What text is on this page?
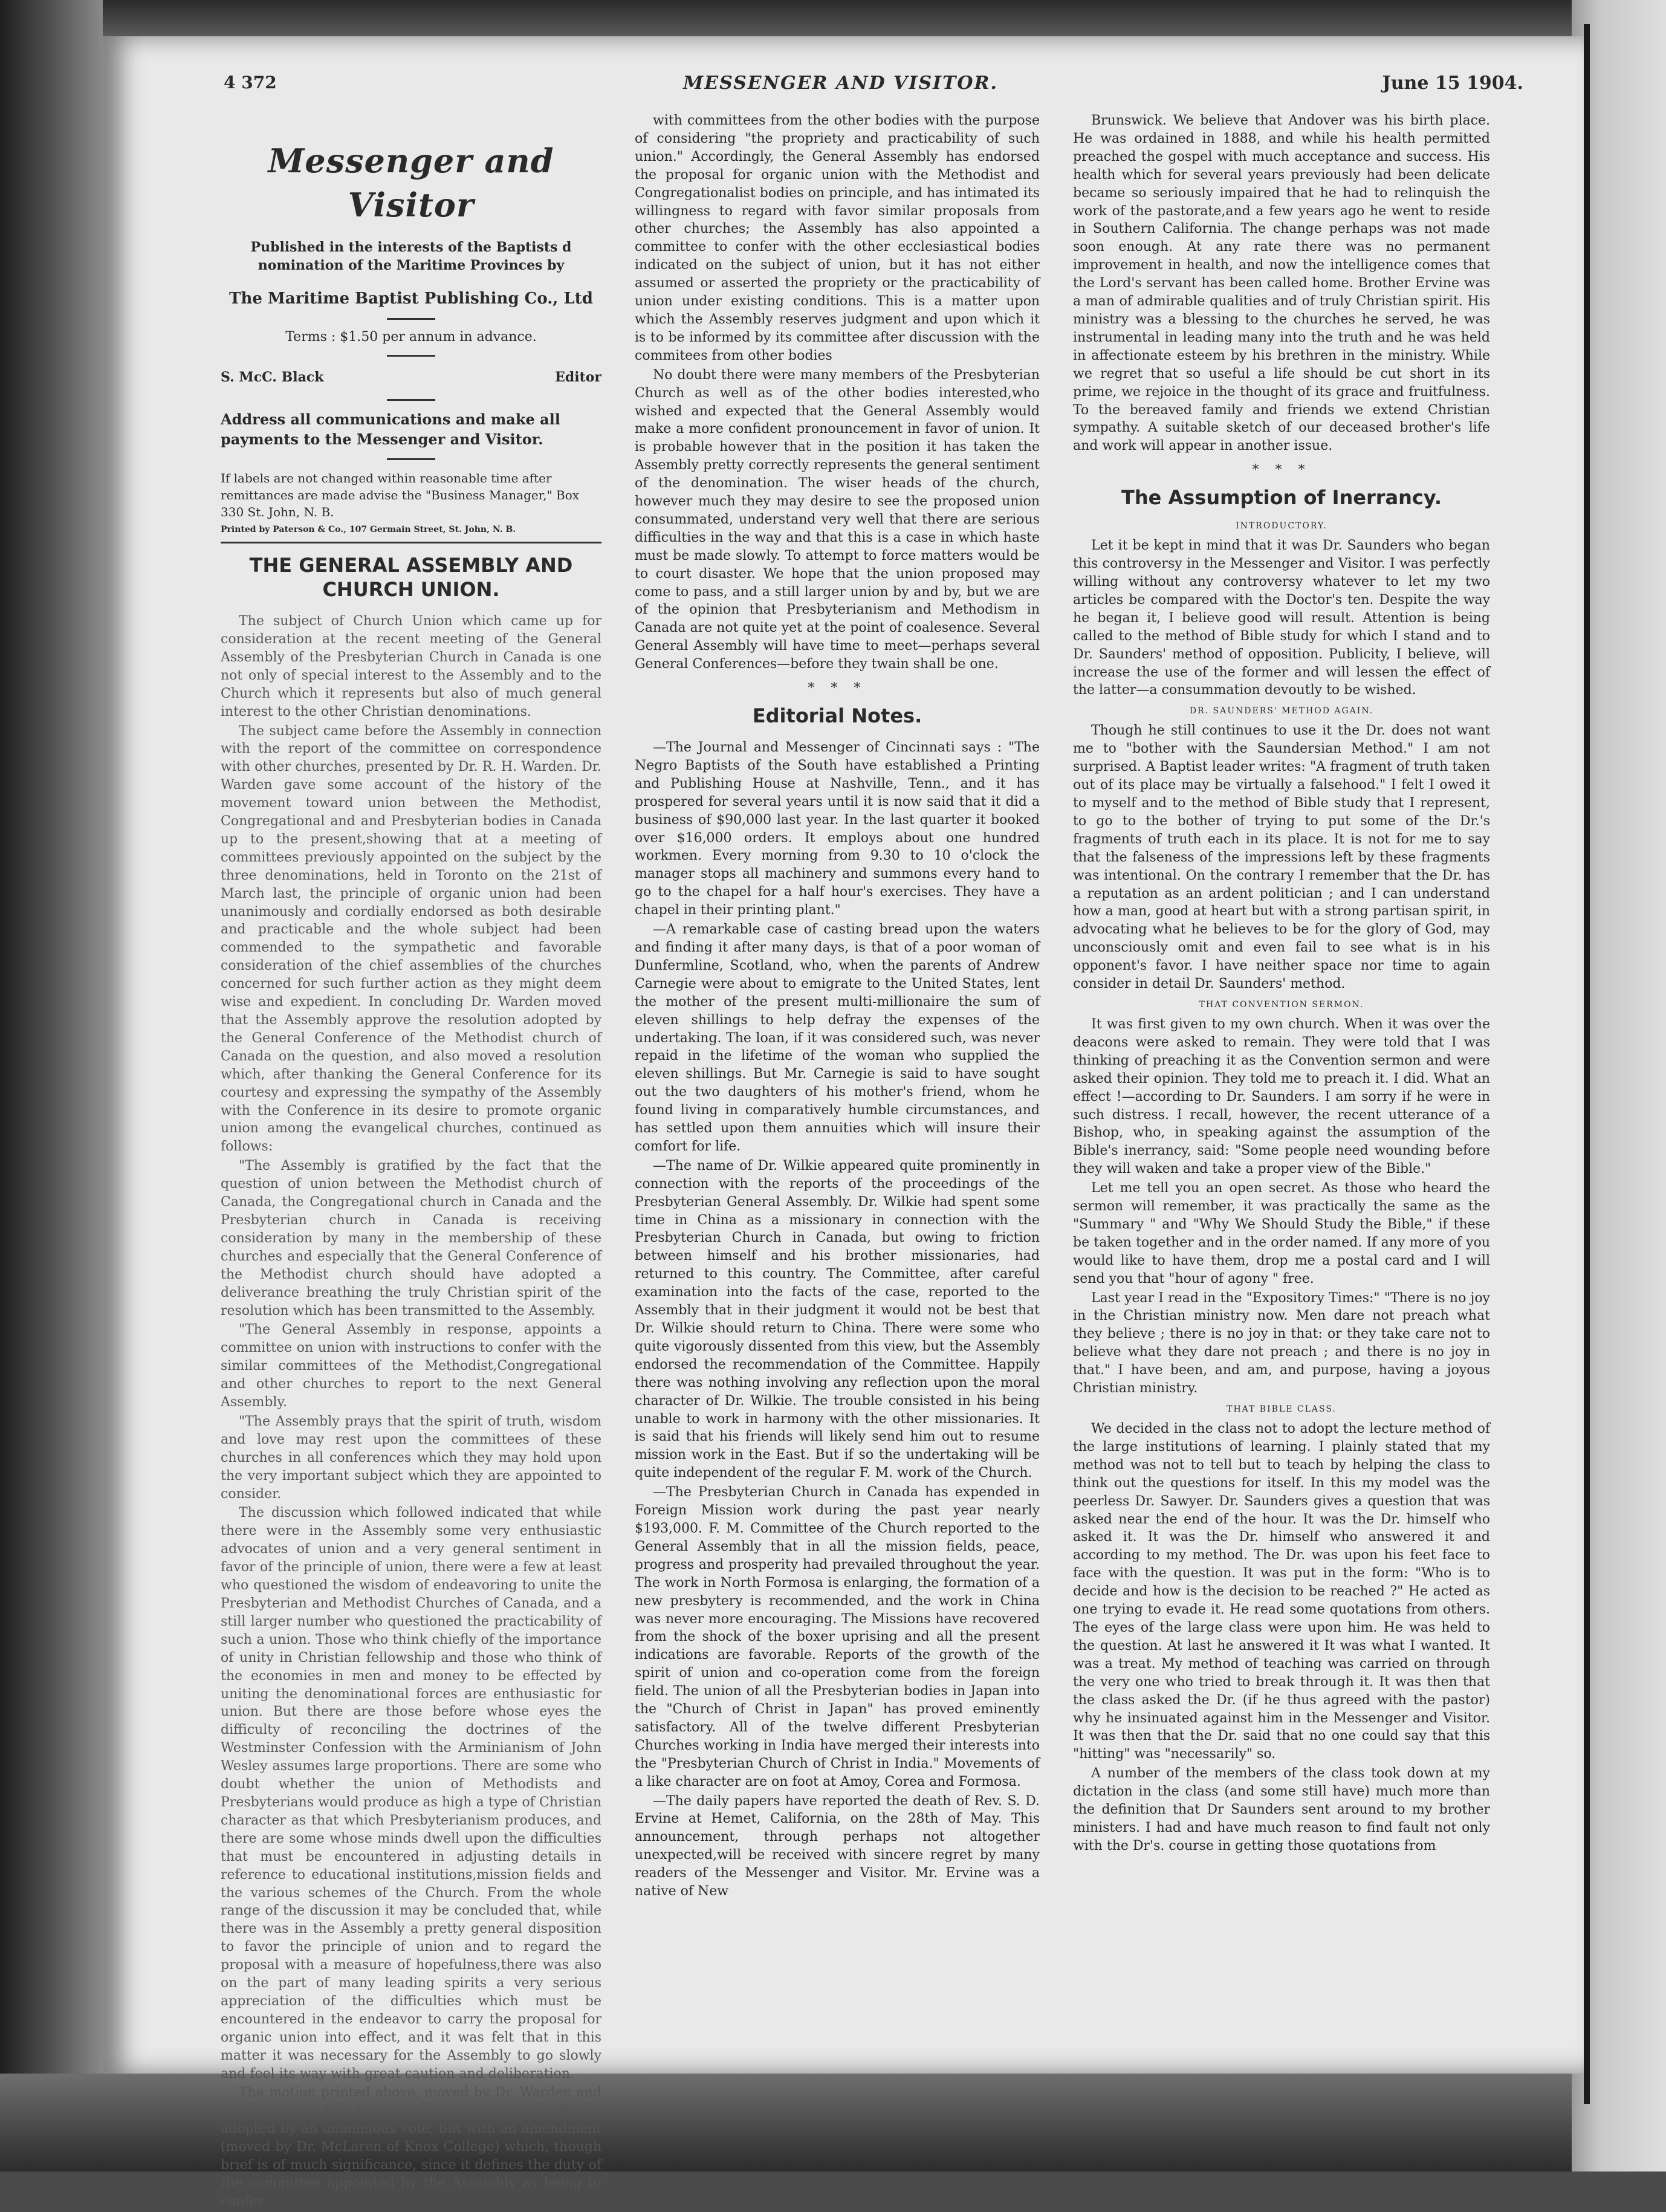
4 372	MESSENGER AND VISITOR.	June 15 1904.
Messenger and Visitor
Published in the interests of the Baptists d nomination of the Maritime Provinces by
The Maritime Baptist Publishing Co., Ltd
Terms : $1.50 per annum in advance.
S. McC. Black	Editor
Address all communications and make all payments to the Messenger and Visitor.
If labels are not changed within reasonable time after remittances are made advise the "Business Manager," Box 330 St. John, N. B.
Printed by Paterson & Co., 107 Germain Street, St. John, N. B.
THE GENERAL ASSEMBLY AND CHURCH UNION.

The subject of Church Union which came up for consideration at the recent meeting of the General Assembly of the Presbyterian Church in Canada is one not only of special interest to the Assembly and to the Church which it represents but also of much general interest to the other Christian denominations.

The subject came before the Assembly in connection with the report of the committee on correspondence with other churches, presented by Dr. R. H. Warden. Dr. Warden gave some account of the history of the movement toward union between the Methodist, Congregational and and Presbyterian bodies in Canada up to the present,showing that at a meeting of committees previously appointed on the subject by the three denominations, held in Toronto on the 21st of March last, the principle of organic union had been unanimously and cordially endorsed as both desirable and practicable and the whole subject had been commended to the sympathetic and favorable consideration of the chief assemblies of the churches concerned for such further action as they might deem wise and expedient. In concluding Dr. Warden moved that the Assembly approve the resolution adopted by the General Conference of the Methodist church of Canada on the question, and also moved a resolution which, after thanking the General Conference for its courtesy and expressing the sympathy of the Assembly with the Conference in its desire to promote organic union among the evangelical churches, continued as follows:

"The Assembly is gratified by the fact that the question of union between the Methodist church of Canada, the Congregational church in Canada and the Presbyterian church in Canada is receiving consideration by many in the membership of these churches and especially that the General Conference of the Methodist church should have adopted a deliverance breathing the truly Christian spirit of the resolution which has been transmitted to the Assembly.

"The General Assembly in response, appoints a committee on union with instructions to confer with the similar committees of the Methodist,Congregational and other churches to report to the next General Assembly.

"The Assembly prays that the spirit of truth, wisdom and love may rest upon the committees of these churches in all conferences which they may hold upon the very important subject which they are appointed to consider.

The discussion which followed indicated that while there were in the Assembly some very enthusiastic advocates of union and a very general sentiment in favor of the principle of union, there were a few at least who questioned the wisdom of endeavoring to unite the Presbyterian and Methodist Churches of Canada, and a still larger number who questioned the practicability of such a union. Those who think chiefly of the importance of unity in Christian fellowship and those who think of the economies in men and money to be effected by uniting the denominational forces are enthusiastic for union. But there are those before whose eyes the difficulty of reconciling the doctrines of the Westminster Confession with the Arminianism of John Wesley assumes large proportions. There are some who doubt whether the union of Methodists and Presbyterians would produce as high a type of Christian character as that which Presbyterianism produces, and there are some whose minds dwell upon the difficulties that must be encountered in adjusting details in reference to educational institutions,mission fields and the various schemes of the Church. From the whole range of the discussion it may be concluded that, while there was in the Assembly a pretty general disposition to favor the principle of union and to regard the proposal with a measure of hopefulness,there was also on the part of many leading spirits a very serious appreciation of the difficulties which must be encountered in the endeavor to carry the proposal for organic union into effect, and it was felt that in this matter it was necessary for the Assembly to go slowly and feel its way with great caution and deliberation.

The motion printed above, moved by Dr. Warden and seconded by Dr. Patrick of Winnipeg, was finally adopted by an unanimous vote, but with an amendment (moved by Dr. McLaren of Knox College) which, though brief is of much significance, since it defines the duty of the committee appointed by the Assembly as being to confer

with committees from the other bodies with the purpose of considering "the propriety and practicability of such union." Accordingly, the General Assembly has endorsed the proposal for organic union with the Methodist and Congregationalist bodies on principle, and has intimated its willingness to regard with favor similar proposals from other churches; the Assembly has also appointed a committee to confer with the other ecclesiastical bodies indicated on the subject of union, but it has not either assumed or asserted the propriety or the practicability of union under existing conditions. This is a matter upon which the Assembly reserves judgment and upon which it is to be informed by its committee after discussion with the commitees from other bodies

No doubt there were many members of the Presbyterian Church as well as of the other bodies interested,who wished and expected that the General Assembly would make a more confident pronouncement in favor of union. It is probable however that in the position it has taken the Assembly pretty correctly represents the general sentiment of the denomination. The wiser heads of the church, however much they may desire to see the proposed union consummated, understand very well that there are serious difficulties in the way and that this is a case in which haste must be made slowly. To attempt to force matters would be to court disaster. We hope that the union proposed may come to pass, and a still larger union by and by, but we are of the opinion that Presbyterianism and Methodism in Canada are not quite yet at the point of coalesence. Several General Assembly will have time to meet—perhaps several General Conferences—before they twain shall be one.

* * *
Editorial Notes.

—The Journal and Messenger of Cincinnati says : "The Negro Baptists of the South have established a Printing and Publishing House at Nashville, Tenn., and it has prospered for several years until it is now said that it did a business of $90,000 last year. In the last quarter it booked over $16,000 orders. It employs about one hundred workmen. Every morning from 9.30 to 10 o'clock the manager stops all machinery and summons every hand to go to the chapel for a half hour's exercises. They have a chapel in their printing plant."

—A remarkable case of casting bread upon the waters and finding it after many days, is that of a poor woman of Dunfermline, Scotland, who, when the parents of Andrew Carnegie were about to emigrate to the United States, lent the mother of the present multi-millionaire the sum of eleven shillings to help defray the expenses of the undertaking. The loan, if it was considered such, was never repaid in the lifetime of the woman who supplied the eleven shillings. But Mr. Carnegie is said to have sought out the two daughters of his mother's friend, whom he found living in comparatively humble circumstances, and has settled upon them annuities which will insure their comfort for life.

—The name of Dr. Wilkie appeared quite prominently in connection with the reports of the proceedings of the Presbyterian General Assembly. Dr. Wilkie had spent some time in China as a missionary in connection with the Presbyterian Church in Canada, but owing to friction between himself and his brother missionaries, had returned to this country. The Committee, after careful examination into the facts of the case, reported to the Assembly that in their judgment it would not be best that Dr. Wilkie should return to China. There were some who quite vigorously dissented from this view, but the Assembly endorsed the recommendation of the Committee. Happily there was nothing involving any reflection upon the moral character of Dr. Wilkie. The trouble consisted in his being unable to work in harmony with the other missionaries. It is said that his friends will likely send him out to resume mission work in the East. But if so the undertaking will be quite independent of the regular F. M. work of the Church.

—The Presbyterian Church in Canada has expended in Foreign Mission work during the past year nearly $193,000. F. M. Committee of the Church reported to the General Assembly that in all the mission fields, peace, progress and prosperity had prevailed throughout the year. The work in North Formosa is enlarging, the formation of a new presbytery is recommended, and the work in China was never more encouraging. The Missions have recovered from the shock of the boxer uprising and all the present indications are favorable. Reports of the growth of the spirit of union and co-operation come from the foreign field. The union of all the Presbyterian bodies in Japan into the "Church of Christ in Japan" has proved eminently satisfactory. All of the twelve different Presbyterian Churches working in India have merged their interests into the "Presbyterian Church of Christ in India." Movements of a like character are on foot at Amoy, Corea and Formosa.

—The daily papers have reported the death of Rev. S. D. Ervine at Hemet, California, on the 28th of May. This announcement, through perhaps not altogether unexpected,will be received with sincere regret by many readers of the Messenger and Visitor. Mr. Ervine was a native of New

Brunswick. We believe that Andover was his birth place. He was ordained in 1888, and while his health permitted preached the gospel with much acceptance and success. His health which for several years previously had been delicate became so seriously impaired that he had to relinquish the work of the pastorate,and a few years ago he went to reside in Southern California. The change perhaps was not made soon enough. At any rate there was no permanent improvement in health, and now the intelligence comes that the Lord's servant has been called home. Brother Ervine was a man of admirable qualities and of truly Christian spirit. His ministry was a blessing to the churches he served, he was instrumental in leading many into the truth and he was held in affectionate esteem by his brethren in the ministry. While we regret that so useful a life should be cut short in its prime, we rejoice in the thought of its grace and fruitfulness. To the bereaved family and friends we extend Christian sympathy. A suitable sketch of our deceased brother's life and work will appear in another issue.

* * *
The Assumption of Inerrancy.
INTRODUCTORY.

Let it be kept in mind that it was Dr. Saunders who began this controversy in the Messenger and Visitor. I was perfectly willing without any controversy whatever to let my two articles be compared with the Doctor's ten. Despite the way he began it, I believe good will result. Attention is being called to the method of Bible study for which I stand and to Dr. Saunders' method of opposition. Publicity, I believe, will increase the use of the former and will lessen the effect of the latter—a consummation devoutly to be wished.

DR. SAUNDERS' METHOD AGAIN.

Though he still continues to use it the Dr. does not want me to "bother with the Saundersian Method." I am not surprised. A Baptist leader writes: "A fragment of truth taken out of its place may be virtually a falsehood." I felt I owed it to myself and to the method of Bible study that I represent, to go to the bother of trying to put some of the Dr.'s fragments of truth each in its place. It is not for me to say that the falseness of the impressions left by these fragments was intentional. On the contrary I remember that the Dr. has a reputation as an ardent politician ; and I can understand how a man, good at heart but with a strong partisan spirit, in advocating what he believes to be for the glory of God, may unconsciously omit and even fail to see what is in his opponent's favor. I have neither space nor time to again consider in detail Dr. Saunders' method.

THAT CONVENTION SERMON.

It was first given to my own church. When it was over the deacons were asked to remain. They were told that I was thinking of preaching it as the Convention sermon and were asked their opinion. They told me to preach it. I did. What an effect !—according to Dr. Saunders. I am sorry if he were in such distress. I recall, however, the recent utterance of a Bishop, who, in speaking against the assumption of the Bible's inerrancy, said: "Some people need wounding before they will waken and take a proper view of the Bible."

Let me tell you an open secret. As those who heard the sermon will remember, it was practically the same as the "Summary " and "Why We Should Study the Bible," if these be taken together and in the order named. If any more of you would like to have them, drop me a postal card and I will send you that "hour of agony " free.

Last year I read in the "Expository Times:" "There is no joy in the Christian ministry now. Men dare not preach what they believe ; there is no joy in that: or they take care not to believe what they dare not preach ; and there is no joy in that." I have been, and am, and purpose, having a joyous Christian ministry.

THAT BIBLE CLASS.

We decided in the class not to adopt the lecture method of the large institutions of learning. I plainly stated that my method was not to tell but to teach by helping the class to think out the questions for itself. In this my model was the peerless Dr. Sawyer. Dr. Saunders gives a question that was asked near the end of the hour. It was the Dr. himself who asked it. It was the Dr. himself who answered it and according to my method. The Dr. was upon his feet face to face with the question. It was put in the form: "Who is to decide and how is the decision to be reached ?" He acted as one trying to evade it. He read some quotations from others. The eyes of the large class were upon him. He was held to the question. At last he answered it It was what I wanted. It was a treat. My method of teaching was carried on through the very one who tried to break through it. It was then that the class asked the Dr. (if he thus agreed with the pastor) why he insinuated against him in the Messenger and Visitor. It was then that the Dr. said that no one could say that this "hitting" was "necessarily" so.

A number of the members of the class took down at my dictation in the class (and some still have) much more than the definition that Dr Saunders sent around to my brother ministers. I had and have much reason to find fault not only with the Dr's. course in getting those quotations from
